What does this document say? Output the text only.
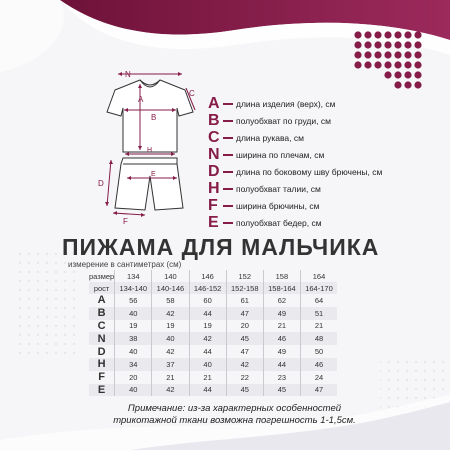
N
C
A
B
H
E
D
F
A длина изделия (верх), см
B полуобхват по груди, см
C длина рукава, см
N ширина по плечам, см
D длина по боковому шву брючены, см
H полуобхват талии, см
F	ширина брючины, см
E	полуобхват бедер, см
ПИЖАМА ДЛЯ МАЛЬЧИКА
измерение в сантиметрах (см)
размер	134	140	146	152	158	164
рост	134-140	140-146	146-152	152-158	158-164	164-170
A	56	58	60	61	62	64
B	40	42	44	47	49	51
C	19	19	19	20	21	21
N	38	40	42	45	46	48
D	40	42	44	47	49	50
H	34	37	40	42	44	46
F	20	21	21	22	23	24
E	40	42	44	45	45	47
Примечание: из-за характерных особенностей трикотажной ткани возможна погрешность 1-1,5см.
